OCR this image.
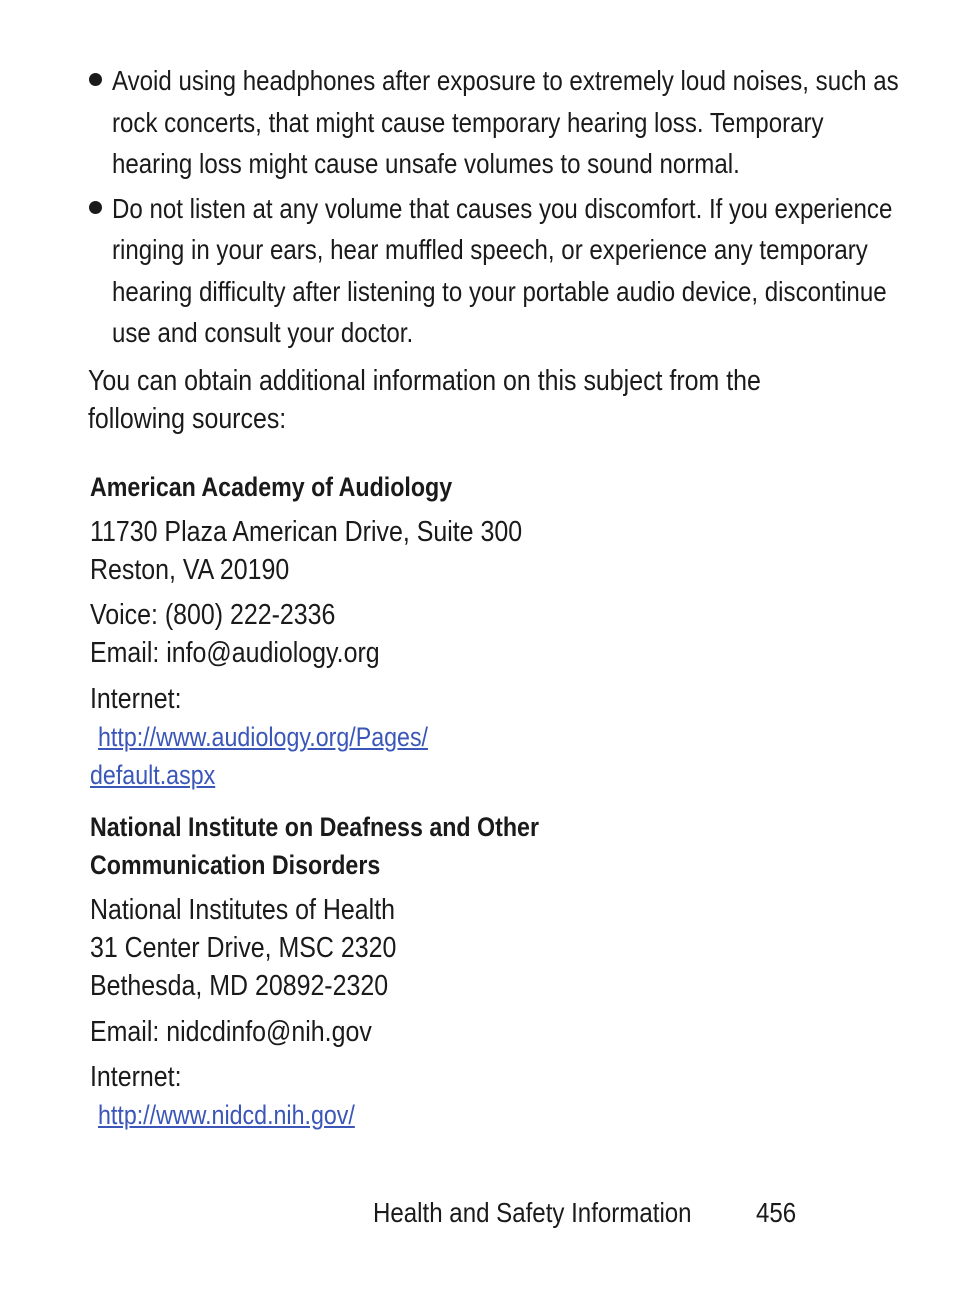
Avoid using headphones after exposure to extremely loud noises, such as
rock concerts, that might cause temporary hearing loss. Temporary
hearing loss might cause unsafe volumes to sound normal.
Do not listen at any volume that causes you discomfort. If you experience
ringing in your ears, hear muffled speech, or experience any temporary
hearing difficulty after listening to your portable audio device, discontinue
use and consult your doctor.
You can obtain additional information on this subject from the
following sources:
American Academy of Audiology
11730 Plaza American Drive, Suite 300
Reston, VA 20190
Voice: (800) 222-2336
Email: info@audiology.org
Internet:
http://www.audiology.org/Pages/
default.aspx
National Institute on Deafness and Other
Communication Disorders
National Institutes of Health
31 Center Drive, MSC 2320
Bethesda, MD 20892-2320
Email: nidcdinfo@nih.gov
Internet:
http://www.nidcd.nih.gov/
Health and Safety Information	456
